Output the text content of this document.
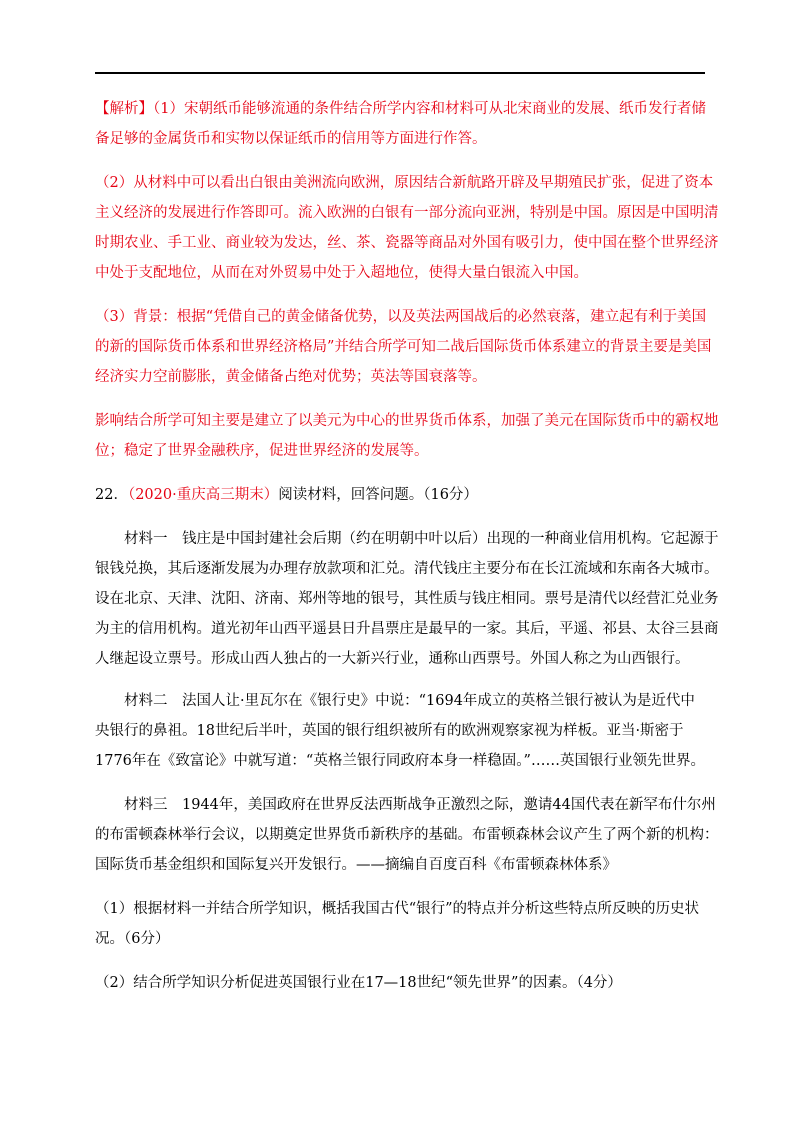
【解析】（1）宋朝纸币能够流通的条件结合所学内容和材料可从北宋商业的发展、纸币发行者储
备足够的金属货币和实物以保证纸币的信用等方面进行作答。
（2）从材料中可以看出白银由美洲流向欧洲，原因结合新航路开辟及早期殖民扩张，促进了资本
主义经济的发展进行作答即可。流入欧洲的白银有一部分流向亚洲，特别是中国。原因是中国明清
时期农业、手工业、商业较为发达，丝、茶、瓷器等商品对外国有吸引力，使中国在整个世界经济
中处于支配地位，从而在对外贸易中处于入超地位，使得大量白银流入中国。
（3）背景：根据“凭借自己的黄金储备优势，以及英法两国战后的必然衰落，建立起有利于美国
的新的国际货币体系和世界经济格局”并结合所学可知二战后国际货币体系建立的背景主要是美国
经济实力空前膨胀，黄金储备占绝对优势；英法等国衰落等。
影响结合所学可知主要是建立了以美元为中心的世界货币体系，加强了美元在国际货币中的霸权地
位；稳定了世界金融秩序，促进世界经济的发展等。
22．（2020·重庆高三期末）阅读材料，回答问题。（16分）
材料一　钱庄是中国封建社会后期（约在明朝中叶以后）出现的一种商业信用机构。它起源于
银钱兑换，其后逐渐发展为办理存放款项和汇兑。清代钱庄主要分布在长江流域和东南各大城市。
设在北京、天津、沈阳、济南、郑州等地的银号，其性质与钱庄相同。票号是清代以经营汇兑业务
为主的信用机构。道光初年山西平遥县日升昌票庄是最早的一家。其后，平遥、祁县、太谷三县商
人继起设立票号。形成山西人独占的一大新兴行业，通称山西票号。外国人称之为山西银行。
材料二　法国人让·里瓦尔在《银行史》中说：“1694年成立的英格兰银行被认为是近代中
央银行的鼻祖。18世纪后半叶，英国的银行组织被所有的欧洲观察家视为样板。亚当·斯密于
1776年在《致富论》中就写道：“英格兰银行同政府本身一样稳固。”……英国银行业领先世界。
材料三　1944年，美国政府在世界反法西斯战争正激烈之际，邀请44国代表在新罕布什尔州
的布雷顿森林举行会议，以期奠定世界货币新秩序的基础。布雷顿森林会议产生了两个新的机构：
国际货币基金组织和国际复兴开发银行。——摘编自百度百科《布雷顿森林体系》
（1）根据材料一并结合所学知识，概括我国古代“银行”的特点并分析这些特点所反映的历史状
况。（6分）
（2）结合所学知识分析促进英国银行业在17—18世纪“领先世界”的因素。（4分）
